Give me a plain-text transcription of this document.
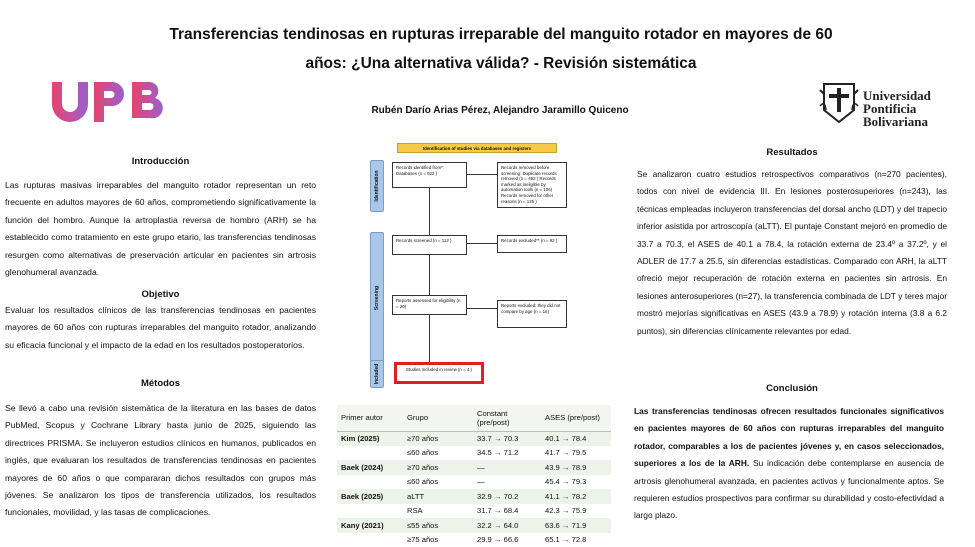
Transferencias tendinosas en rupturas irreparable del manguito rotador en mayores de 60 años: ¿Una alternativa válida? - Revisión sistemática
Universidad
Pontificia
Bolivariana
Rubén Darío Arias Pérez, Alejandro Jaramillo Quiceno
Introducción
Las rupturas masivas irreparables del manguito rotador representan un reto frecuente en adultos mayores de 60 años, comprometiendo significativamente la función del hombro. Aunque la artroplastia reversa de hombro (ARH) se ha establecido como tratamiento en este grupo etario, las transferencias tendinosas resurgen como alternativas de preservación articular en pacientes sin artrosis glenohumeral avanzada.
Objetivo
Evaluar los resultados clínicos de las transferencias tendinosas en pacientes mayores de 60 años con rupturas irreparables del manguito rotador, analizando su eficacia funcional y el impacto de la edad en los resultados postoperatorios.
Métodos
Se llevó a cabo una revisión sistemática de la literatura en las bases de datos PubMed, Scopus y Cochrane Library hasta junio de 2025, siguiendo las directrices PRISMA. Se incluyeron estudios clínicos en humanos, publicados en inglés, que evaluaran los resultados de transferencias tendinosas en pacientes mayores de 60 años o que compararan dichos resultados con grupos más jóvenes. Se analizaron los tipos de transferencia utilizados, los resultados funcionales, movilidad, y las tasas de complicaciones.
Identification of studies via databases and registers
Identification
Screening
Included
Records identified from*: Databases (n = 922 )
Records removed before screening: Duplicate records removed (n = 492 ) Records marked as ineligible by automation tools (n = 106) Records removed for other reasons (n = 125 )
Records screened (n = 112 )	Records excluded** (n = 92 )
Reports assessed for eligibility (n = 20)	Reports excluded: they did not compare by age (n = 16)
Studies included in review (n = 4 )
Primer autor	Grupo	Constant (pre/post)	ASES (pre/post)
Kim (2025)	≥70 años	33.7 → 70.3	40.1 → 78.4
	≤60 años	34.5 → 71.2	41.7 → 79.5
Baek (2024)	≥70 años	—	43.9 → 78.9
	≤60 años	—	45.4 → 79.3
Baek (2025)	aLTT	32.9 → 70.2	41.1 → 78.2
	RSA	31.7 → 68.4	42.3 → 75.9
Kany (2021)	≤55 años	32.2 → 64.0	63.6 → 71.9
	≥75 años	29.9 → 66.6	65.1 → 72.8
Resultados
Se analizaron cuatro estudios retrospectivos comparativos (n=270 pacientes), todos con nivel de evidencia III. En lesiones posterosuperiores (n=243), las técnicas empleadas incluyeron transferencias del dorsal ancho (LDT) y del trapecio inferior asistida por artroscopía (aLTT). El puntaje Constant mejoró en promedio de 33.7 a 70.3, el ASES de 40.1 a 78.4, la rotación externa de 23.4º a 37.2º, y el ADLER de 17.7 a 25.5, sin diferencias estadísticas. Comparado con ARH, la aLTT ofreció mejor recuperación de rotación externa en pacientes sin artrosis. En lesiones anterosuperiores (n=27), la transferencia combinada de LDT y teres major mostró mejorías significativas en ASES (43.9 a 78.9) y rotación interna (3.8 a 6.2 puntos), sin diferencias clínicamente relevantes por edad.
Conclusión
Las transferencias tendinosas ofrecen resultados funcionales significativos en pacientes mayores de 60 años con rupturas irreparables del manguito rotador, comparables a los de pacientes jóvenes y, en casos seleccionados, superiores a los de la ARH. Su indicación debe contemplarse en ausencia de artrosis glenohumeral avanzada, en pacientes activos y funcionalmente aptos. Se requieren estudios prospectivos para confirmar su durabilidad y costo-efectividad a largo plazo.
